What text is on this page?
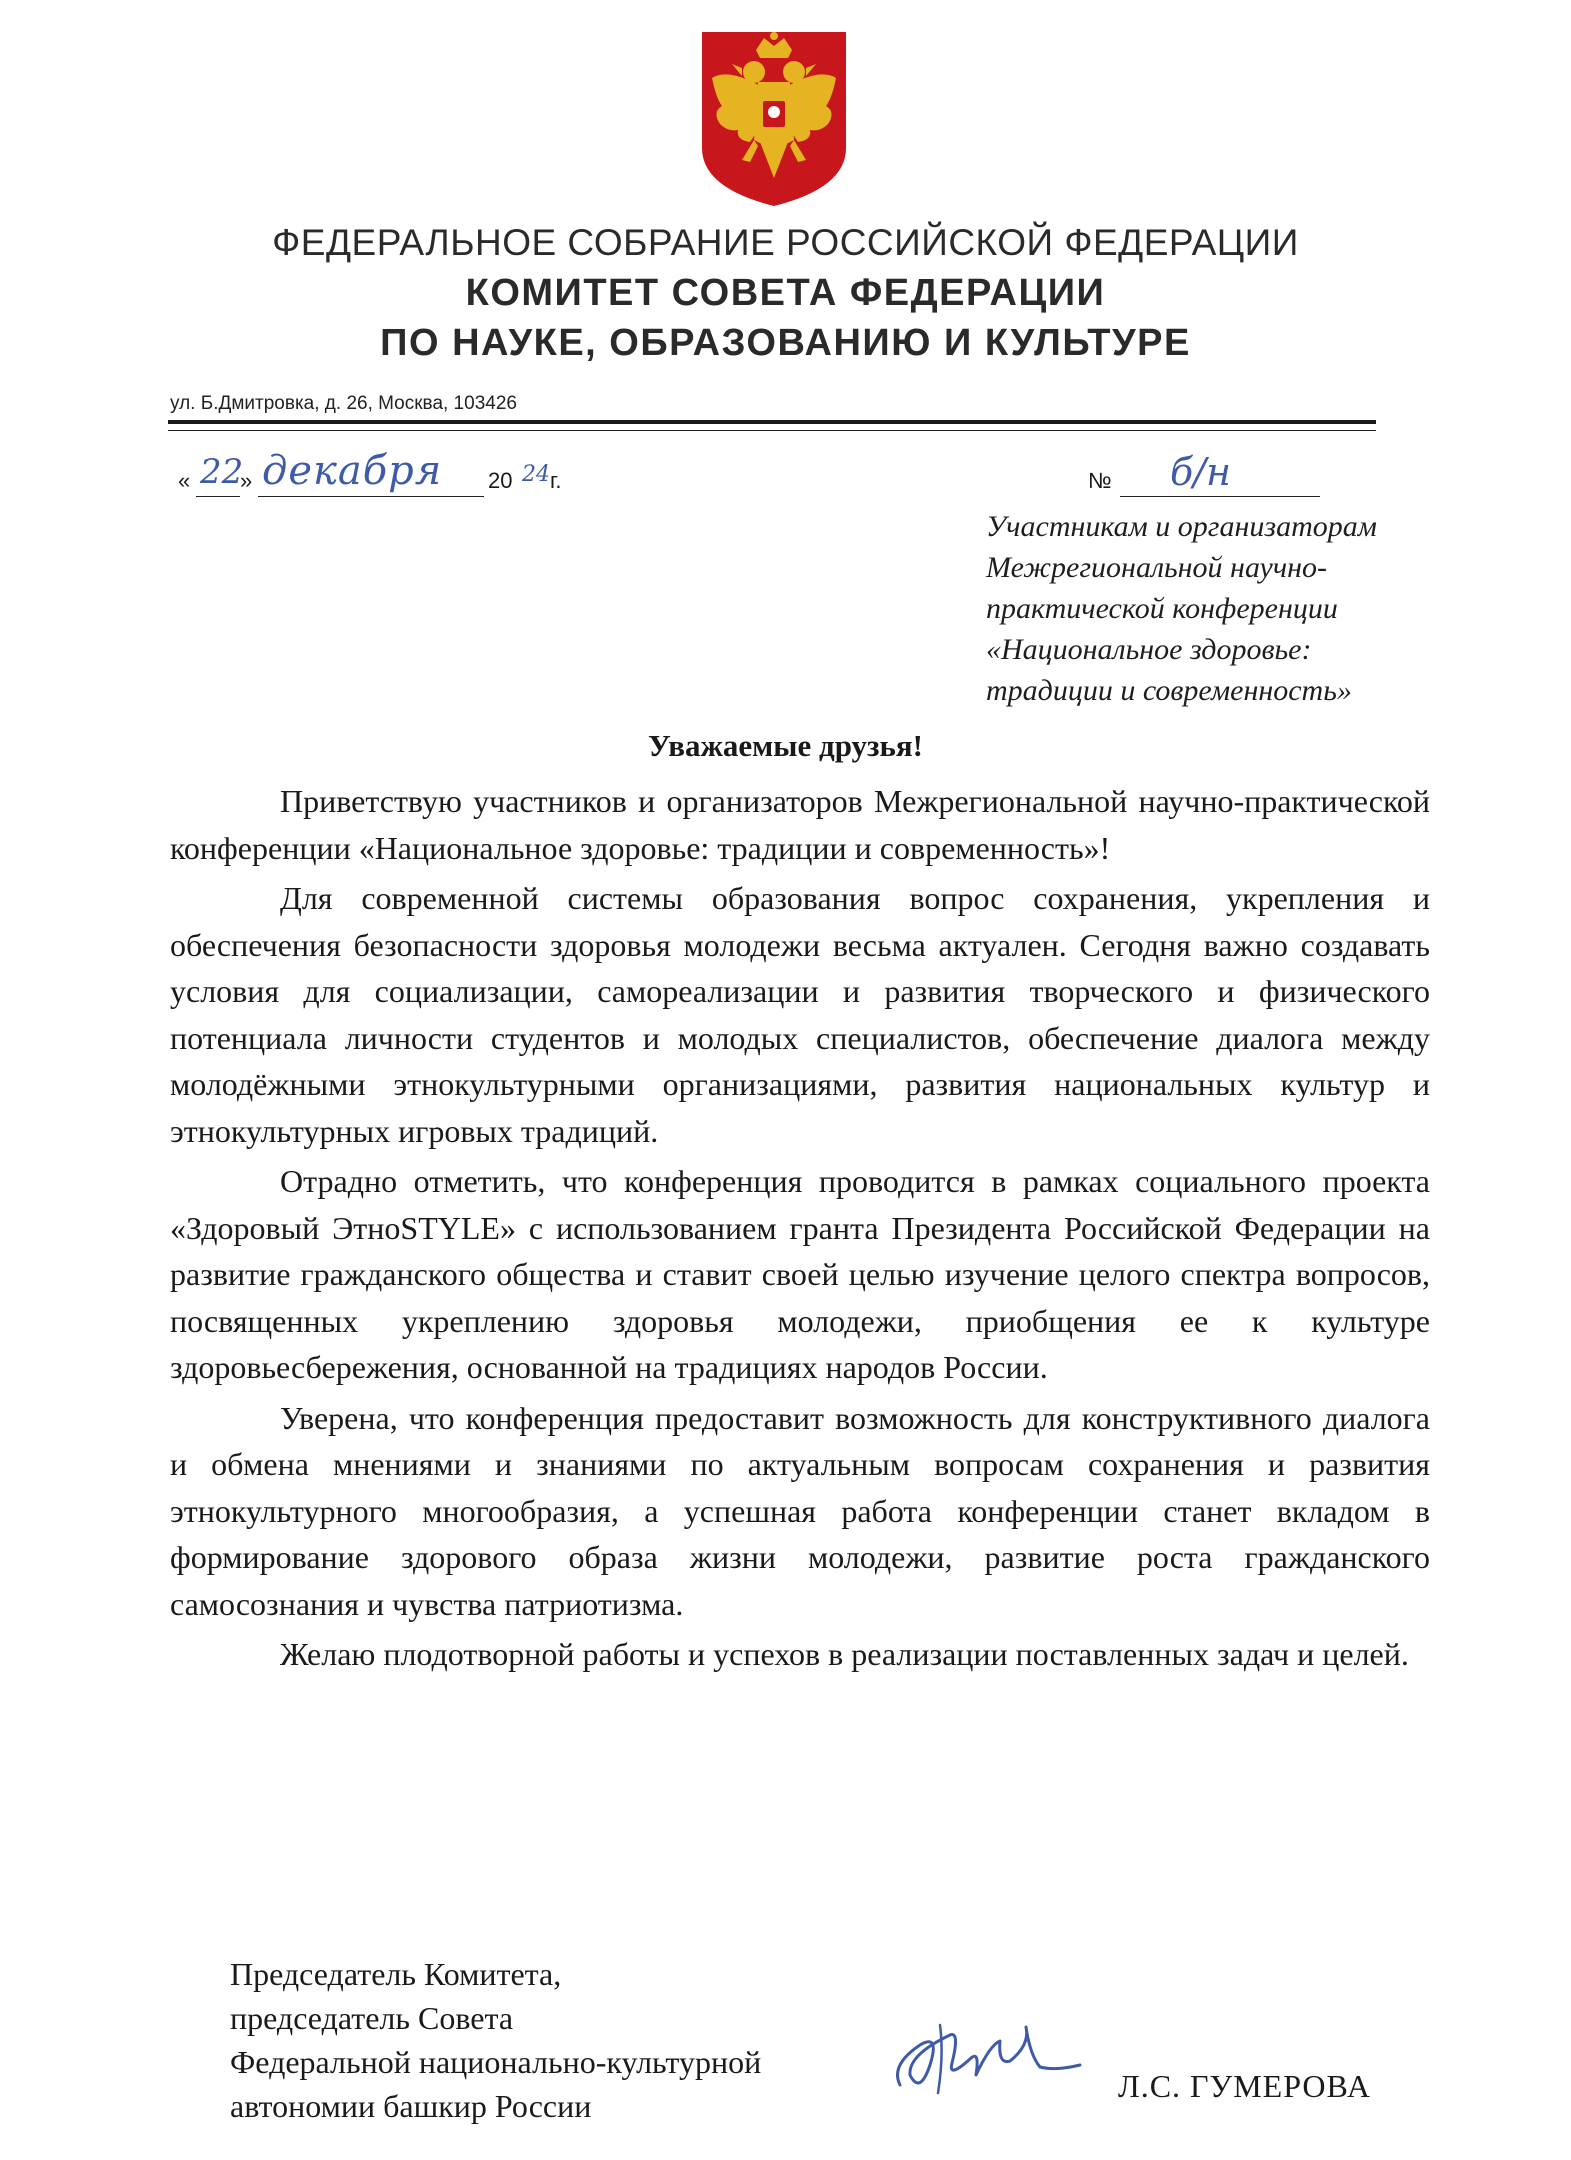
ФЕДЕРАЛЬНОЕ СОБРАНИЕ РОССИЙСКОЙ ФЕДЕРАЦИИ
КОМИТЕТ СОВЕТА ФЕДЕРАЦИИ
ПО НАУКЕ, ОБРАЗОВАНИЮ И КУЛЬТУРЕ
ул. Б.Дмитровка, д. 26, Москва, 103426
« 22
» декабря 20 24 г.	№ б/н
Участникам и организаторам
Межрегиональной научно-
практической конференции
«Национальное здоровье:
традиции и современность»
Уважаемые друзья!

Приветствую участников и организаторов Межрегиональной научно-практической конференции «Национальное здоровье: традиции и современность»!

Для современной системы образования вопрос сохранения, укрепления и обеспечения безопасности здоровья молодежи весьма актуален. Сегодня важно создавать условия для социализации, самореализации и развития творческого и физического потенциала личности студентов и молодых специалистов, обеспечение диалога между молодёжными этнокультурными организациями, развития национальных культур и этнокультурных игровых традиций.

Отрадно отметить, что конференция проводится в рамках социального проекта «Здоровый ЭтноSTYLE» с использованием гранта Президента Российской Федерации на развитие гражданского общества и ставит своей целью изучение целого спектра вопросов, посвященных укреплению здоровья молодежи, приобщения ее к культуре здоровьесбережения, основанной на традициях народов России.

Уверена, что конференция предоставит возможность для конструктивного диалога и обмена мнениями и знаниями по актуальным вопросам сохранения и развития этнокультурного многообразия, а успешная работа конференции станет вкладом в формирование здорового образа жизни молодежи, развитие роста гражданского самосознания и чувства патриотизма.

Желаю плодотворной работы и успехов в реализации поставленных задач и целей.

Председатель Комитета,
председатель Совета
Федеральной национально-культурной
автономии башкир России
Л.С. ГУМЕРОВА
